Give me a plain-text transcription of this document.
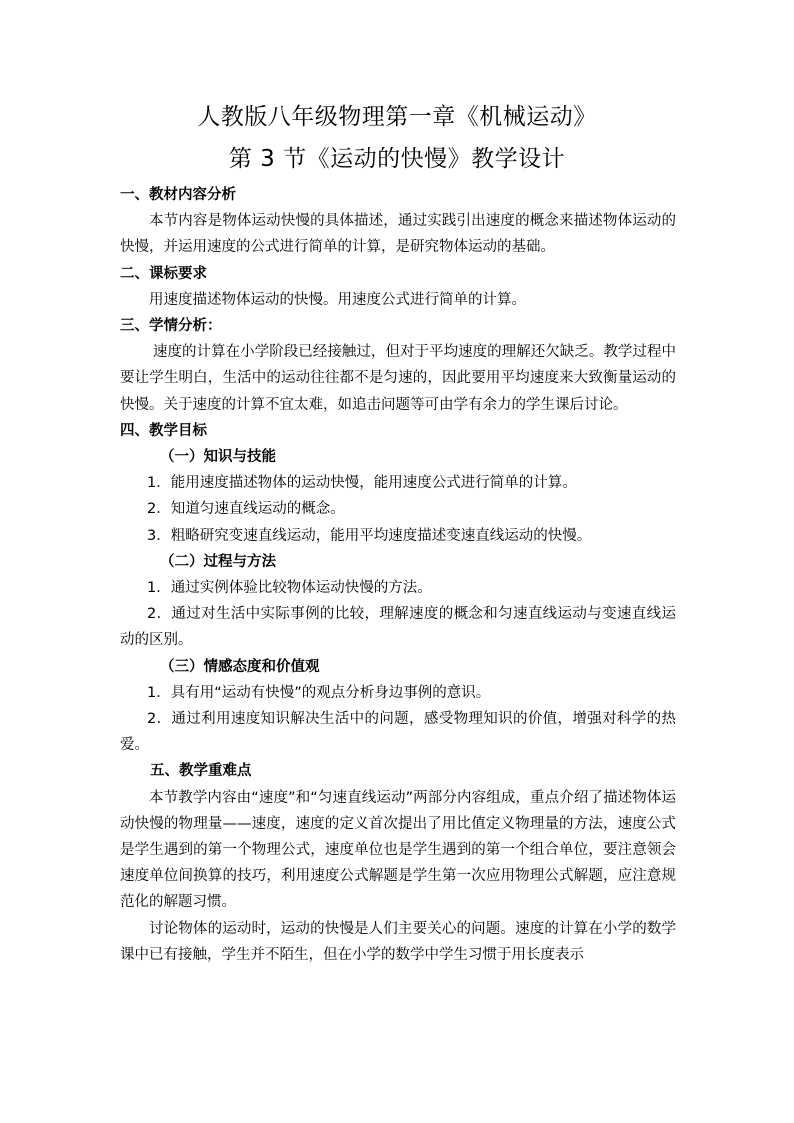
人教版八年级物理第一章《机械运动》
第 3 节《运动的快慢》教学设计

一、教材内容分析

本节内容是物体运动快慢的具体描述，通过实践引出速度的概念来描述物体运动的快慢，并运用速度的公式进行简单的计算，是研究物体运动的基础。

二、课标要求

用速度描述物体运动的快慢。用速度公式进行简单的计算。

三、学情分析：

速度的计算在小学阶段已经接触过，但对于平均速度的理解还欠缺乏。教学过程中要让学生明白，生活中的运动往往都不是匀速的，因此要用平均速度来大致衡量运动的快慢。关于速度的计算不宜太难，如追击问题等可由学有余力的学生课后讨论。

四、教学目标

（一）知识与技能

1．能用速度描述物体的运动快慢，能用速度公式进行简单的计算。

2．知道匀速直线运动的概念。

3．粗略研究变速直线运动，能用平均速度描述变速直线运动的快慢。

（二）过程与方法

1．通过实例体验比较物体运动快慢的方法。

2．通过对生活中实际事例的比较，理解速度的概念和匀速直线运动与变速直线运动的区别。

（三）情感态度和价值观

1．具有用“运动有快慢”的观点分析身边事例的意识。

2．通过利用速度知识解决生活中的问题，感受物理知识的价值，增强对科学的热爱。

五、教学重难点

本节教学内容由“速度”和“匀速直线运动”两部分内容组成，重点介绍了描述物体运动快慢的物理量——速度，速度的定义首次提出了用比值定义物理量的方法，速度公式是学生遇到的第一个物理公式，速度单位也是学生遇到的第一个组合单位，要注意领会速度单位间换算的技巧，利用速度公式解题是学生第一次应用物理公式解题，应注意规范化的解题习惯。

讨论物体的运动时，运动的快慢是人们主要关心的问题。速度的计算在小学的数学课中已有接触，学生并不陌生，但在小学的数学中学生习惯于用长度表示
